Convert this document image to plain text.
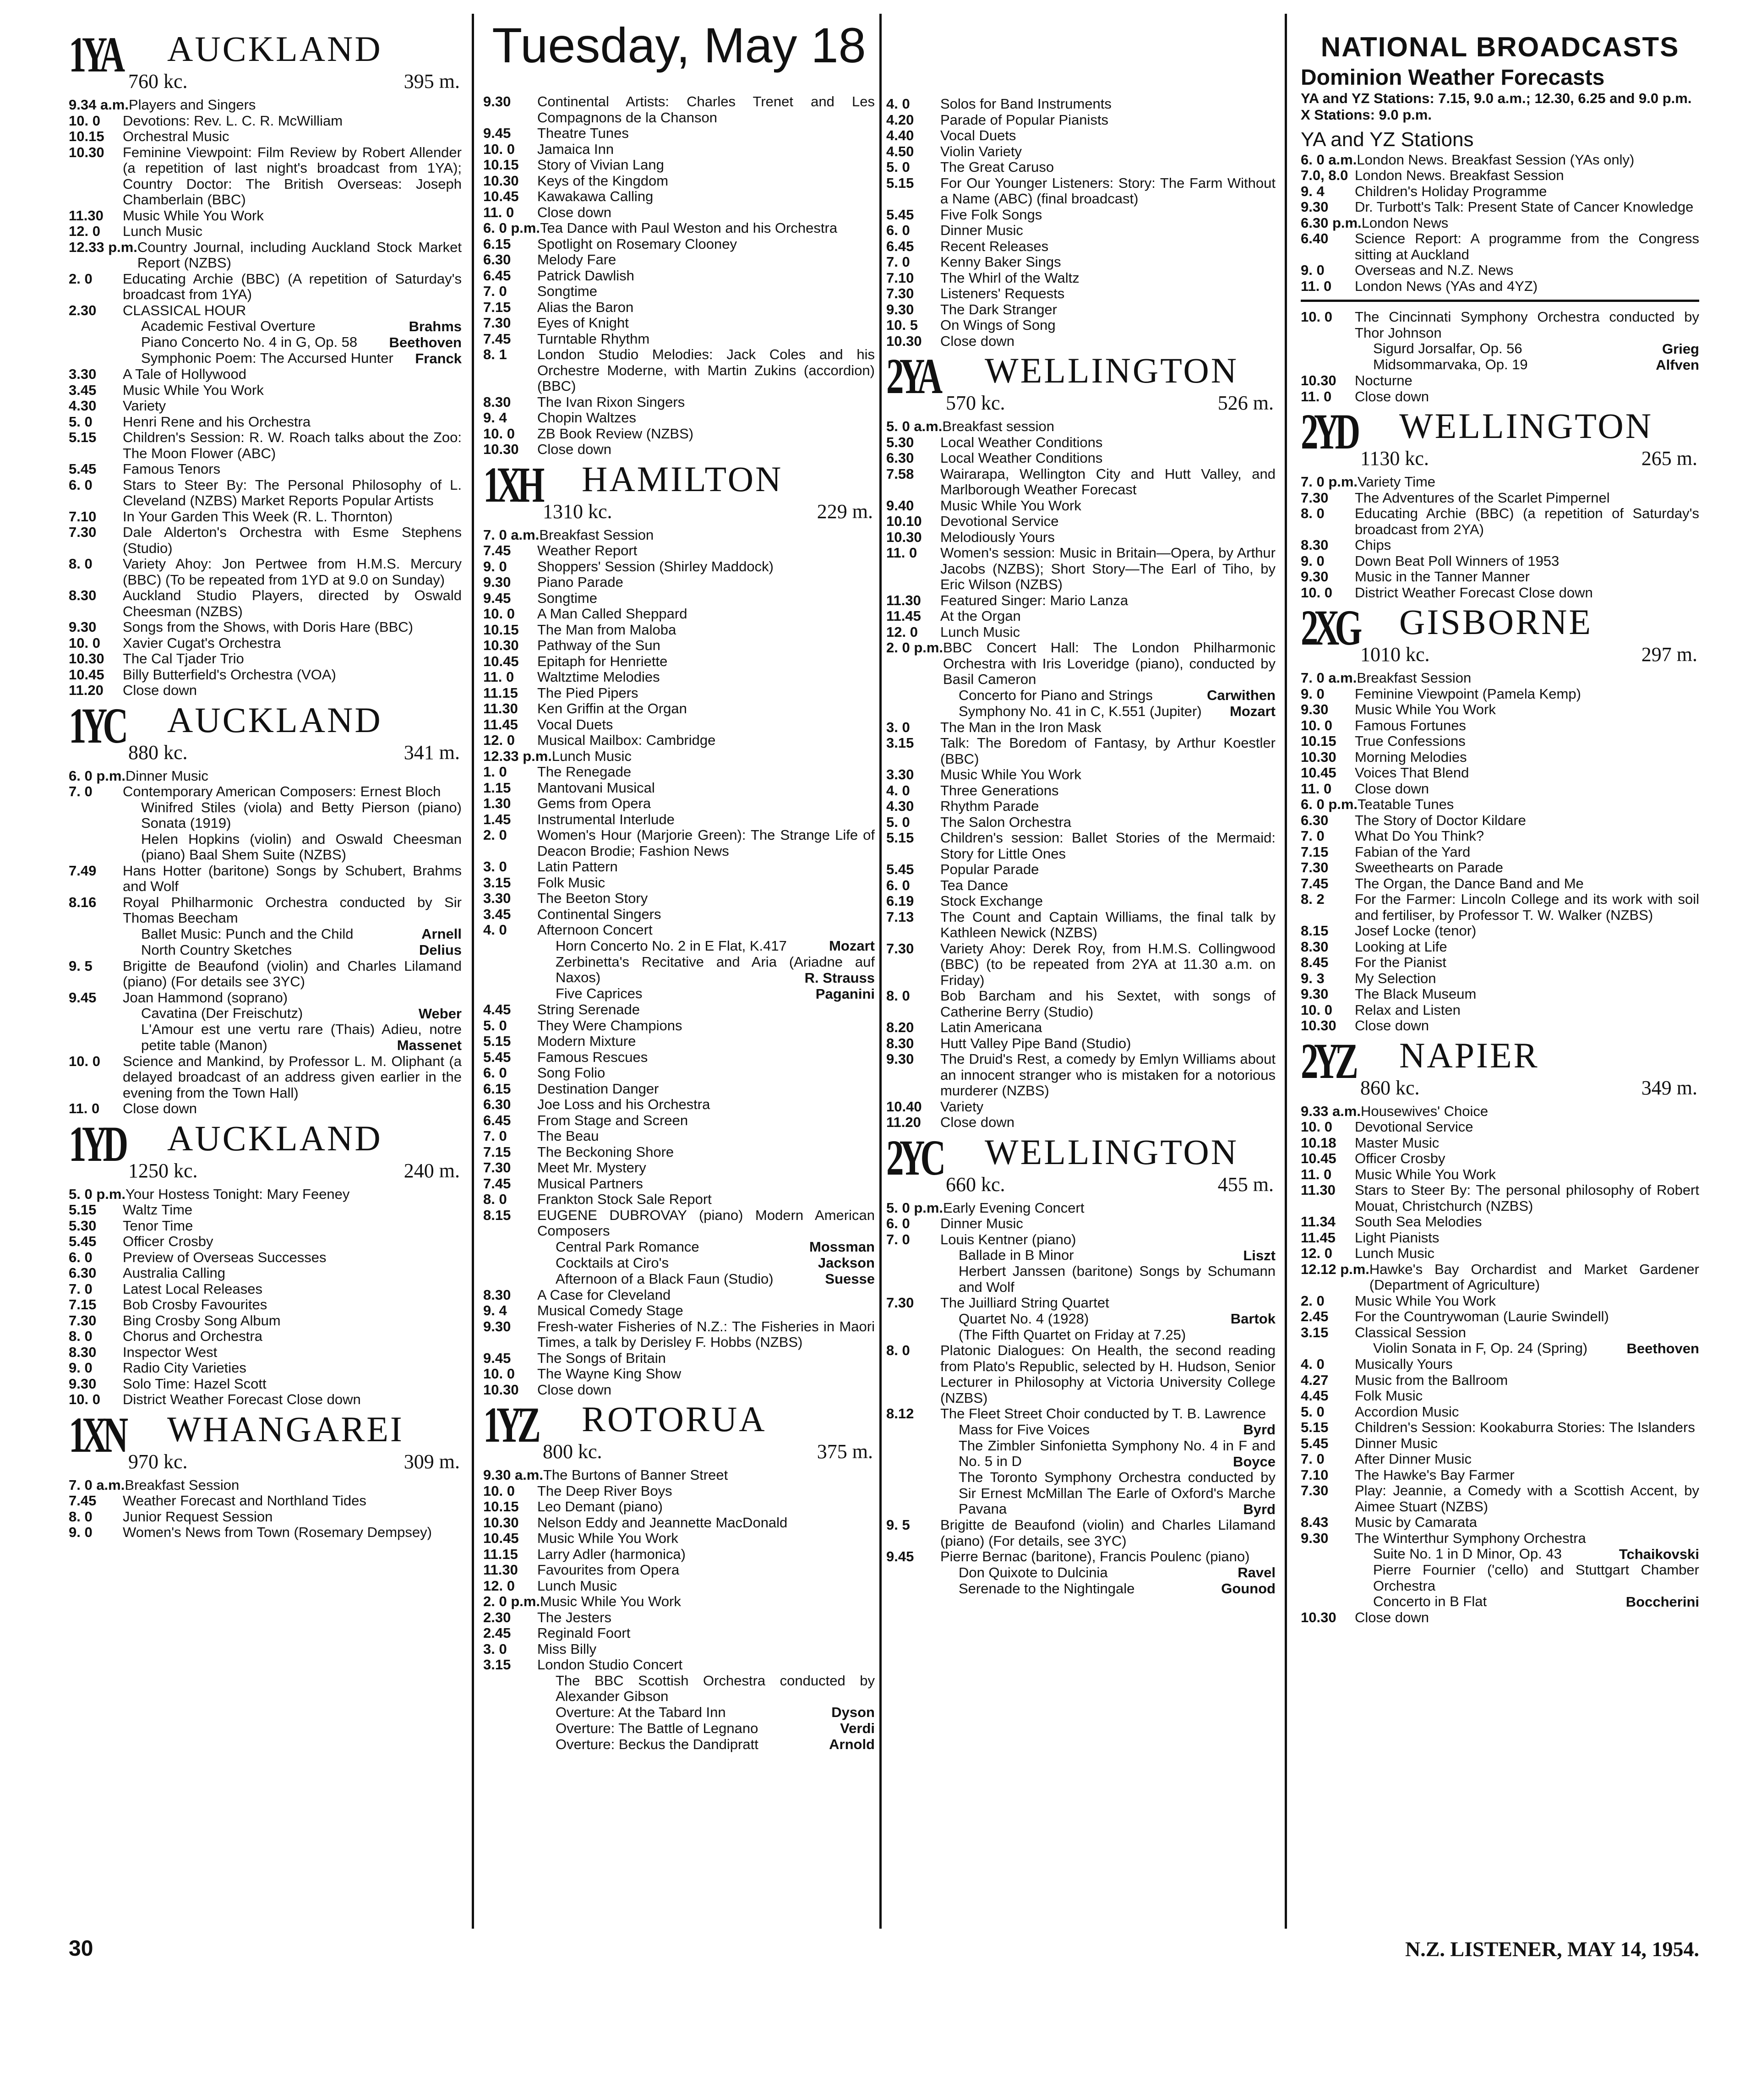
Tuesday, May 18
1YA AUCKLAND
760 kc.	395 m.
9.34 a.m. Players and Singers
10. 0	Devotions: Rev. L. C. R. McWilliam
10.15	Orchestral Music
10.30	Feminine Viewpoint: Film Review by Robert Allender (a repetition of last night's broadcast from 1YA); Country Doctor: The British Overseas: Joseph Chamberlain (BBC)
11.30	Music While You Work
12. 0	Lunch Music
12.33 p.m. Country Journal, including Auckland Stock Market Report (NZBS)
2. 0	Educating Archie (BBC) (A repetition of Saturday's broadcast from 1YA)
2.30	CLASSICAL HOUR
Academic Festival Overture	Brahms
Piano Concerto No. 4 in G, Op. 58	Beethoven
Symphonic Poem: The Accursed Hunter	Franck
3.30	A Tale of Hollywood
3.45	Music While You Work
4.30	Variety
5. 0	Henri Rene and his Orchestra
5.15	Children's Session: R. W. Roach talks about the Zoo: The Moon Flower (ABC)
5.45	Famous Tenors
6. 0	Stars to Steer By: The Personal Philosophy of L. Cleveland (NZBS) Market Reports Popular Artists
7.10	In Your Garden This Week (R. L. Thornton)
7.30	Dale Alderton's Orchestra with Esme Stephens (Studio)
8. 0	Variety Ahoy: Jon Pertwee from H.M.S. Mercury (BBC) (To be repeated from 1YD at 9.0 on Sunday)
8.30	Auckland Studio Players, directed by Oswald Cheesman (NZBS)
9.30	Songs from the Shows, with Doris Hare (BBC)
10. 0	Xavier Cugat's Orchestra
10.30	The Cal Tjader Trio
10.45	Billy Butterfield's Orchestra (VOA)
11.20	Close down
1YC AUCKLAND
880 kc.	341 m.
6. 0 p.m. Dinner Music
7. 0	Contemporary American Composers: Ernest Bloch
Winifred Stiles (viola) and Betty Pierson (piano) Sonata (1919)
Helen Hopkins (violin) and Oswald Cheesman (piano) Baal Shem Suite (NZBS)
7.49	Hans Hotter (baritone) Songs by Schubert, Brahms and Wolf
8.16	Royal Philharmonic Orchestra conducted by Sir Thomas Beecham
Ballet Music: Punch and the Child	Arnell
North Country Sketches	Delius
9. 5	Brigitte de Beaufond (violin) and Charles Lilamand (piano) (For details see 3YC)
9.45	Joan Hammond (soprano)
Cavatina (Der Freischutz)	Weber
L'Amour est une vertu rare (Thais) Adieu, notre petite table (Manon)	Massenet
10. 0	Science and Mankind, by Professor L. M. Oliphant (a delayed broadcast of an address given earlier in the evening from the Town Hall)
11. 0	Close down
1YD AUCKLAND
1250 kc.	240 m.
5. 0 p.m. Your Hostess Tonight: Mary Feeney
5.15	Waltz Time
5.30	Tenor Time
5.45	Officer Crosby
6. 0	Preview of Overseas Successes
6.30	Australia Calling
7. 0	Latest Local Releases
7.15	Bob Crosby Favourites
7.30	Bing Crosby Song Album
8. 0	Chorus and Orchestra
8.30	Inspector West
9. 0	Radio City Varieties
9.30	Solo Time: Hazel Scott
10. 0	District Weather Forecast Close down
1XN WHANGAREI
970 kc.	309 m.
7. 0 a.m. Breakfast Session
7.45	Weather Forecast and Northland Tides
8. 0	Junior Request Session
9. 0	Women's News from Town (Rosemary Dempsey)
9.30	Continental Artists: Charles Trenet and Les Compagnons de la Chanson
9.45	Theatre Tunes
10. 0	Jamaica Inn
10.15	Story of Vivian Lang
10.30	Keys of the Kingdom
10.45	Kawakawa Calling
11. 0	Close down
6. 0 p.m. Tea Dance with Paul Weston and his Orchestra
6.15	Spotlight on Rosemary Clooney
6.30	Melody Fare
6.45	Patrick Dawlish
7. 0	Songtime
7.15	Alias the Baron
7.30	Eyes of Knight
7.45	Turntable Rhythm
8. 1	London Studio Melodies: Jack Coles and his Orchestre Moderne, with Martin Zukins (accordion) (BBC)
8.30	The Ivan Rixon Singers
9. 4	Chopin Waltzes
10. 0	ZB Book Review (NZBS)
10.30	Close down
1XH HAMILTON
1310 kc.	229 m.
7. 0 a.m. Breakfast Session
7.45	Weather Report
9. 0	Shoppers' Session (Shirley Maddock)
9.30	Piano Parade
9.45	Songtime
10. 0	A Man Called Sheppard
10.15	The Man from Maloba
10.30	Pathway of the Sun
10.45	Epitaph for Henriette
11. 0	Waltztime Melodies
11.15	The Pied Pipers
11.30	Ken Griffin at the Organ
11.45	Vocal Duets
12. 0	Musical Mailbox: Cambridge
12.33 p.m. Lunch Music
1. 0	The Renegade
1.15	Mantovani Musical
1.30	Gems from Opera
1.45	Instrumental Interlude
2. 0	Women's Hour (Marjorie Green): The Strange Life of Deacon Brodie; Fashion News
3. 0	Latin Pattern
3.15	Folk Music
3.30	The Beeton Story
3.45	Continental Singers
4. 0	Afternoon Concert
Horn Concerto No. 2 in E Flat, K.417	Mozart
Zerbinetta's Recitative and Aria (Ariadne auf Naxos)	R. Strauss
Five Caprices	Paganini
4.45	String Serenade
5. 0	They Were Champions
5.15	Modern Mixture
5.45	Famous Rescues
6. 0	Song Folio
6.15	Destination Danger
6.30	Joe Loss and his Orchestra
6.45	From Stage and Screen
7. 0	The Beau
7.15	The Beckoning Shore
7.30	Meet Mr. Mystery
7.45	Musical Partners
8. 0	Frankton Stock Sale Report
8.15	EUGENE DUBROVAY (piano) Modern American Composers
Central Park Romance	Mossman
Cocktails at Ciro's	Jackson
Afternoon of a Black Faun (Studio)	Suesse
8.30	A Case for Cleveland
9. 4	Musical Comedy Stage
9.30	Fresh-water Fisheries of N.Z.: The Fisheries in Maori Times, a talk by Derisley F. Hobbs (NZBS)
9.45	The Songs of Britain
10. 0	The Wayne King Show
10.30	Close down
1YZ ROTORUA
800 kc.	375 m.
9.30 a.m. The Burtons of Banner Street
10. 0	The Deep River Boys
10.15	Leo Demant (piano)
10.30	Nelson Eddy and Jeannette MacDonald
10.45	Music While You Work
11.15	Larry Adler (harmonica)
11.30	Favourites from Opera
12. 0	Lunch Music
2. 0 p.m. Music While You Work
2.30	The Jesters
2.45	Reginald Foort
3. 0	Miss Billy
3.15	London Studio Concert
The BBC Scottish Orchestra conducted by Alexander Gibson
Overture: At the Tabard Inn	Dyson
Overture: The Battle of Legnano	Verdi
Overture: Beckus the Dandipratt	Arnold
4. 0	Solos for Band Instruments
4.20	Parade of Popular Pianists
4.40	Vocal Duets
4.50	Violin Variety
5. 0	The Great Caruso
5.15	For Our Younger Listeners: Story: The Farm Without a Name (ABC) (final broadcast)
5.45	Five Folk Songs
6. 0	Dinner Music
6.45	Recent Releases
7. 0	Kenny Baker Sings
7.10	The Whirl of the Waltz
7.30	Listeners' Requests
9.30	The Dark Stranger
10. 5	On Wings of Song
10.30	Close down
2YA WELLINGTON
570 kc.	526 m.
5. 0 a.m. Breakfast session
5.30	Local Weather Conditions
6.30	Local Weather Conditions
7.58	Wairarapa, Wellington City and Hutt Valley, and Marlborough Weather Forecast
9.40	Music While You Work
10.10	Devotional Service
10.30	Melodiously Yours
11. 0	Women's session: Music in Britain—Opera, by Arthur Jacobs (NZBS); Short Story—The Earl of Tiho, by Eric Wilson (NZBS)
11.30	Featured Singer: Mario Lanza
11.45	At the Organ
12. 0	Lunch Music
2. 0 p.m. BBC Concert Hall: The London Philharmonic Orchestra with Iris Loveridge (piano), conducted by Basil Cameron
Concerto for Piano and Strings	Carwithen
Symphony No. 41 in C, K.551 (Jupiter)	Mozart
3. 0	The Man in the Iron Mask
3.15	Talk: The Boredom of Fantasy, by Arthur Koestler (BBC)
3.30	Music While You Work
4. 0	Three Generations
4.30	Rhythm Parade
5. 0	The Salon Orchestra
5.15	Children's session: Ballet Stories of the Mermaid: Story for Little Ones
5.45	Popular Parade
6. 0	Tea Dance
6.19	Stock Exchange
7.13	The Count and Captain Williams, the final talk by Kathleen Newick (NZBS)
7.30	Variety Ahoy: Derek Roy, from H.M.S. Collingwood (BBC) (to be repeated from 2YA at 11.30 a.m. on Friday)
8. 0	Bob Barcham and his Sextet, with songs of Catherine Berry (Studio)
8.20	Latin Americana
8.30	Hutt Valley Pipe Band (Studio)
9.30	The Druid's Rest, a comedy by Emlyn Williams about an innocent stranger who is mistaken for a notorious murderer (NZBS)
10.40	Variety
11.20	Close down
2YC WELLINGTON
660 kc.	455 m.
5. 0 p.m. Early Evening Concert
6. 0	Dinner Music
7. 0	Louis Kentner (piano)
Ballade in B Minor	Liszt
Herbert Janssen (baritone) Songs by Schumann and Wolf
7.30	The Juilliard String Quartet
Quartet No. 4 (1928)	Bartok
(The Fifth Quartet on Friday at 7.25)
8. 0	Platonic Dialogues: On Health, the second reading from Plato's Republic, selected by H. Hudson, Senior Lecturer in Philosophy at Victoria University College (NZBS)
8.12	The Fleet Street Choir conducted by T. B. Lawrence
Mass for Five Voices	Byrd
The Zimbler Sinfonietta Symphony No. 4 in F and No. 5 in D	Boyce
The Toronto Symphony Orchestra conducted by Sir Ernest McMillan The Earle of Oxford's Marche Pavana	Byrd
9. 5	Brigitte de Beaufond (violin) and Charles Lilamand (piano) (For details, see 3YC)
9.45	Pierre Bernac (baritone), Francis Poulenc (piano)
Don Quixote to Dulcinia	Ravel
Serenade to the Nightingale	Gounod
NATIONAL BROADCASTS
Dominion Weather Forecasts
YA and YZ Stations: 7.15, 9.0 a.m.; 12.30, 6.25 and 9.0 p.m.
X Stations: 9.0 p.m.
YA and YZ Stations
6. 0 a.m. London News. Breakfast Session (YAs only)
7.0, 8.0 London News. Breakfast Session
9. 4	Children's Holiday Programme
9.30	Dr. Turbott's Talk: Present State of Cancer Knowledge
6.30 p.m. London News
6.40	Science Report: A programme from the Congress sitting at Auckland
9. 0	Overseas and N.Z. News
11. 0	London News (YAs and 4YZ)
10. 0	The Cincinnati Symphony Orchestra conducted by Thor Johnson
Sigurd Jorsalfar, Op. 56	Grieg
Midsommarvaka, Op. 19	Alfven
10.30	Nocturne
11. 0	Close down
2YD WELLINGTON
1130 kc.	265 m.
7. 0 p.m. Variety Time
7.30	The Adventures of the Scarlet Pimpernel
8. 0	Educating Archie (BBC) (a repetition of Saturday's broadcast from 2YA)
8.30	Chips
9. 0	Down Beat Poll Winners of 1953
9.30	Music in the Tanner Manner
10. 0	District Weather Forecast Close down
2XG GISBORNE
1010 kc.	297 m.
7. 0 a.m. Breakfast Session
9. 0	Feminine Viewpoint (Pamela Kemp)
9.30	Music While You Work
10. 0	Famous Fortunes
10.15	True Confessions
10.30	Morning Melodies
10.45	Voices That Blend
11. 0	Close down
6. 0 p.m. Teatable Tunes
6.30	The Story of Doctor Kildare
7. 0	What Do You Think?
7.15	Fabian of the Yard
7.30	Sweethearts on Parade
7.45	The Organ, the Dance Band and Me
8. 2	For the Farmer: Lincoln College and its work with soil and fertiliser, by Professor T. W. Walker (NZBS)
8.15	Josef Locke (tenor)
8.30	Looking at Life
8.45	For the Pianist
9. 3	My Selection
9.30	The Black Museum
10. 0	Relax and Listen
10.30	Close down
2YZ NAPIER
860 kc.	349 m.
9.33 a.m. Housewives' Choice
10. 0	Devotional Service
10.18	Master Music
10.45	Officer Crosby
11. 0	Music While You Work
11.30	Stars to Steer By: The personal philosophy of Robert Mouat, Christchurch (NZBS)
11.34	South Sea Melodies
11.45	Light Pianists
12. 0	Lunch Music
12.12 p.m. Hawke's Bay Orchardist and Market Gardener (Department of Agriculture)
2. 0	Music While You Work
2.45	For the Countrywoman (Laurie Swindell)
3.15	Classical Session
Violin Sonata in F, Op. 24 (Spring)	Beethoven
4. 0	Musically Yours
4.27	Music from the Ballroom
4.45	Folk Music
5. 0	Accordion Music
5.15	Children's Session: Kookaburra Stories: The Islanders
5.45	Dinner Music
7. 0	After Dinner Music
7.10	The Hawke's Bay Farmer
7.30	Play: Jeannie, a Comedy with a Scottish Accent, by Aimee Stuart (NZBS)
8.43	Music by Camarata
9.30	The Winterthur Symphony Orchestra
Suite No. 1 in D Minor, Op. 43	Tchaikovski
Pierre Fournier ('cello) and Stuttgart Chamber Orchestra
Concerto in B Flat	Boccherini
10.30	Close down
30	N.Z. LISTENER, MAY 14, 1954.
